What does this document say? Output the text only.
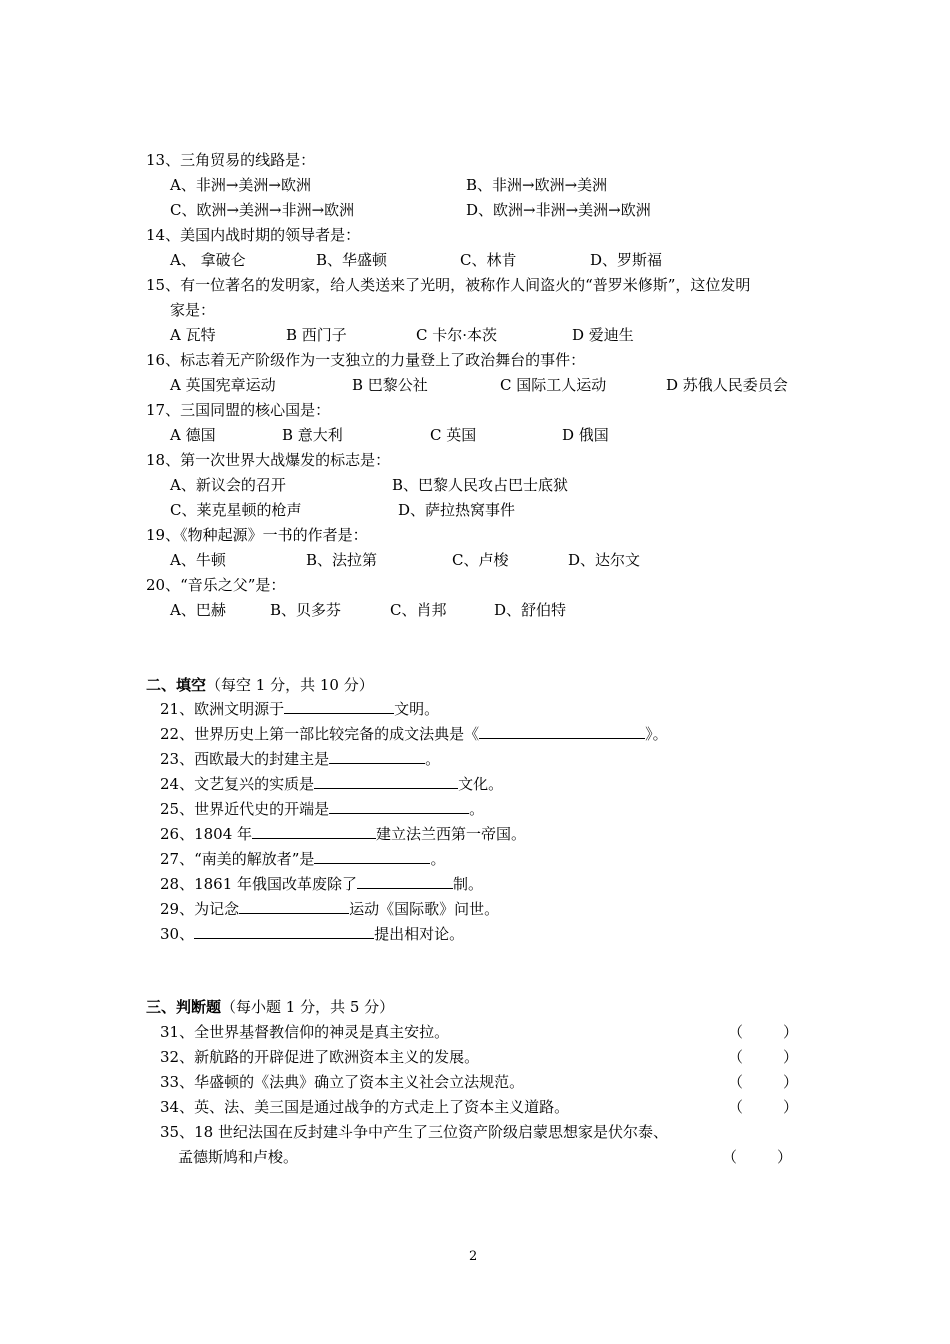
13、三角贸易的线路是：
A、非洲→美洲→欧洲	B、非洲→欧洲→美洲
C、欧洲→美洲→非洲→欧洲	D、欧洲→非洲→美洲→欧洲
14、美国内战时期的领导者是：
A、 拿破仑	B、华盛顿	C、林肯	D、罗斯福
15、有一位著名的发明家，给人类送来了光明，被称作人间盗火的“普罗米修斯”，这位发明
家是：
A 瓦特	B 西门子	C 卡尔·本茨	D 爱迪生
16、标志着无产阶级作为一支独立的力量登上了政治舞台的事件：
A 英国宪章运动	B 巴黎公社	C 国际工人运动	D 苏俄人民委员会
17、三国同盟的核心国是：
A 德国	B 意大利	C 英国	D 俄国
18、第一次世界大战爆发的标志是：
A、新议会的召开	B、巴黎人民攻占巴士底狱
C、莱克星顿的枪声	D、萨拉热窝事件
19、《物种起源》一书的作者是：
A、牛顿	B、法拉第	C、卢梭	D、达尔文
20、“音乐之父”是：
A、巴赫	B、贝多芬	C、肖邦	D、舒伯特
二、填空（每空 1 分，共 10 分）
21、欧洲文明源于	文明。
22、世界历史上第一部比较完备的成文法典是《	》。
23、西欧最大的封建主是	。
24、文艺复兴的实质是	文化。
25、世界近代史的开端是	。
26、1804 年	建立法兰西第一帝国。
27、“南美的解放者”是	。
28、1861 年俄国改革废除了	制。
29、为记念	运动《国际歌》问世。
30、	提出相对论。
三、判断题（每小题 1 分，共 5 分）
31、全世界基督教信仰的神灵是真主安拉。	（	）
32、新航路的开辟促进了欧洲资本主义的发展。	（	）
33、华盛顿的《法典》确立了资本主义社会立法规范。	（	）
34、英、法、美三国是通过战争的方式走上了资本主义道路。	（	）
35、18 世纪法国在反封建斗争中产生了三位资产阶级启蒙思想家是伏尔泰、
孟德斯鸠和卢梭。	（	）
2
